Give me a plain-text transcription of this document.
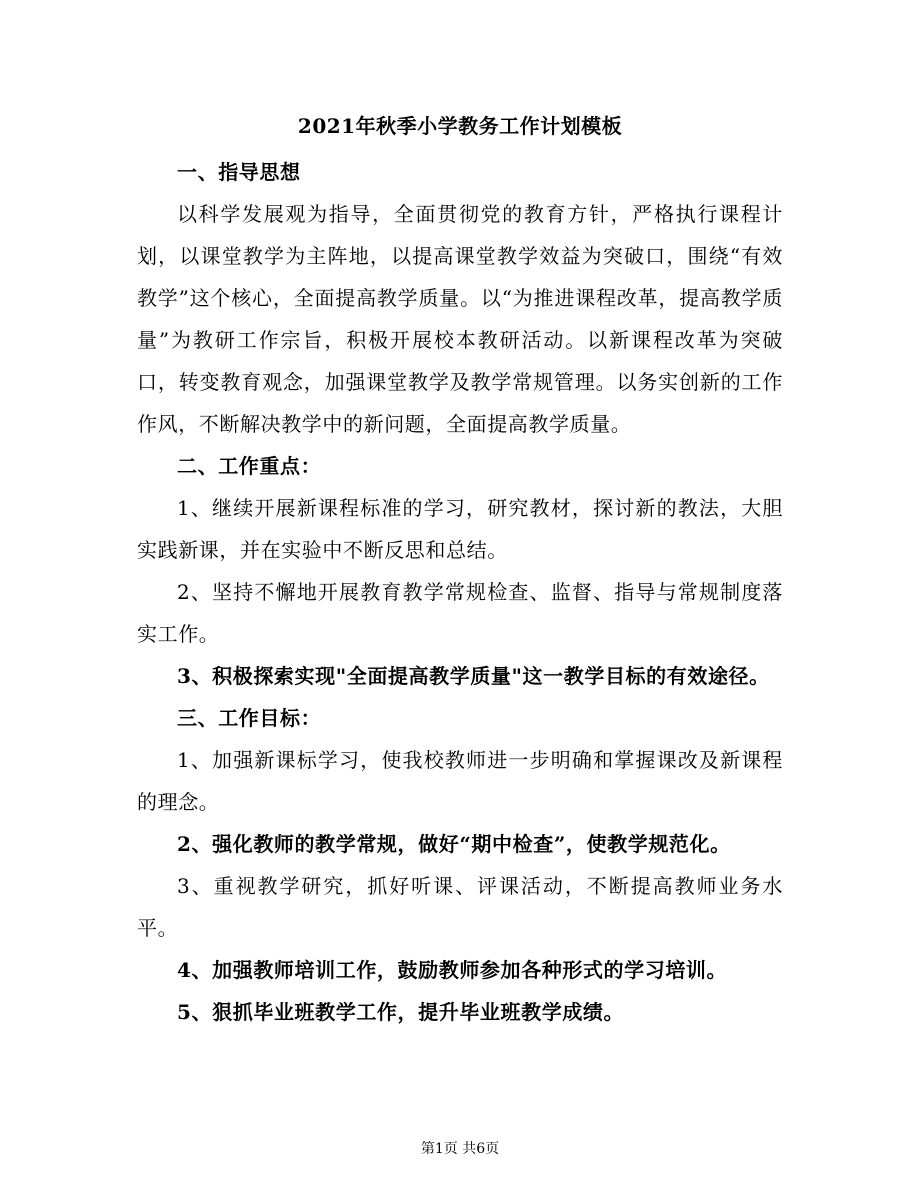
2021年秋季小学教务工作计划模板

一、指导思想

以科学发展观为指导，全面贯彻党的教育方针，严格执行课程计划，以课堂教学为主阵地，以提高课堂教学效益为突破口，围绕“有效教学”这个核心，全面提高教学质量。以“为推进课程改革，提高教学质量”为教研工作宗旨，积极开展校本教研活动。以新课程改革为突破口，转变教育观念，加强课堂教学及教学常规管理。以务实创新的工作作风，不断解决教学中的新问题，全面提高教学质量。

二、工作重点：

1、继续开展新课程标准的学习，研究教材，探讨新的教法，大胆实践新课，并在实验中不断反思和总结。

2、坚持不懈地开展教育教学常规检查、监督、指导与常规制度落实工作。

3、积极探索实现"全面提高教学质量"这一教学目标的有效途径。

三、工作目标：

1、加强新课标学习，使我校教师进一步明确和掌握课改及新课程的理念。

2、强化教师的教学常规，做好“期中检查”，使教学规范化。

3、重视教学研究，抓好听课、评课活动，不断提高教师业务水平。

4、加强教师培训工作，鼓励教师参加各种形式的学习培训。

5、狠抓毕业班教学工作，提升毕业班教学成绩。

第1页 共6页
